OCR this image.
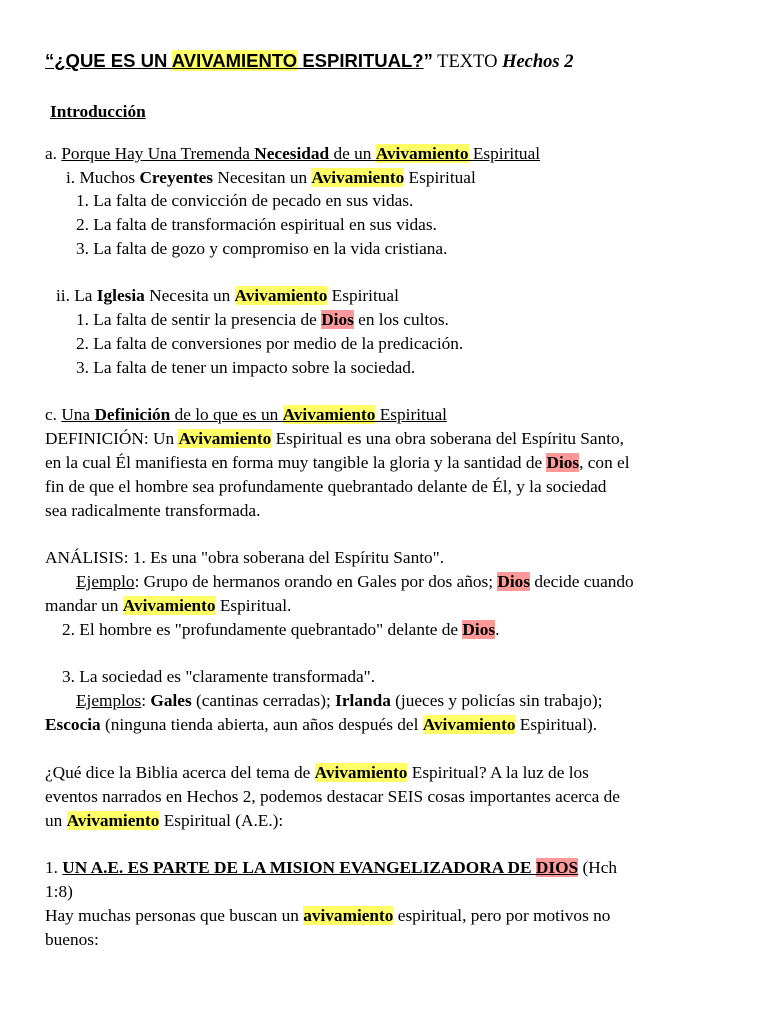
“¿QUE ES UN AVIVAMIENTO ESPIRITUAL?” TEXTO Hechos 2
Introducción
a. Porque Hay Una Tremenda Necesidad de un Avivamiento Espiritual
i. Muchos Creyentes Necesitan un Avivamiento Espiritual
1. La falta de convicción de pecado en sus vidas.
2. La falta de transformación espiritual en sus vidas.
3. La falta de gozo y compromiso en la vida cristiana.
ii. La Iglesia Necesita un Avivamiento Espiritual
1. La falta de sentir la presencia de Dios en los cultos.
2. La falta de conversiones por medio de la predicación.
3. La falta de tener un impacto sobre la sociedad.
c. Una Definición de lo que es un Avivamiento Espiritual
DEFINICIÓN: Un Avivamiento Espiritual es una obra soberana del Espíritu Santo,
en la cual Él manifiesta en forma muy tangible la gloria y la santidad de Dios, con el
fin de que el hombre sea profundamente quebrantado delante de Él, y la sociedad
sea radicalmente transformada.
ANÁLISIS: 1. Es una "obra soberana del Espíritu Santo".
Ejemplo: Grupo de hermanos orando en Gales por dos años; Dios decide cuando
mandar un Avivamiento Espiritual.
2. El hombre es "profundamente quebrantado" delante de Dios.
3. La sociedad es "claramente transformada".
Ejemplos: Gales (cantinas cerradas); Irlanda (jueces y policías sin trabajo);
Escocia (ninguna tienda abierta, aun años después del Avivamiento Espiritual).
¿Qué dice la Biblia acerca del tema de Avivamiento Espiritual? A la luz de los
eventos narrados en Hechos 2, podemos destacar SEIS cosas importantes acerca de
un Avivamiento Espiritual (A.E.):
1. UN A.E. ES PARTE DE LA MISION EVANGELIZADORA DE DIOS (Hch
1:8)
Hay muchas personas que buscan un avivamiento espiritual, pero por motivos no
buenos:
